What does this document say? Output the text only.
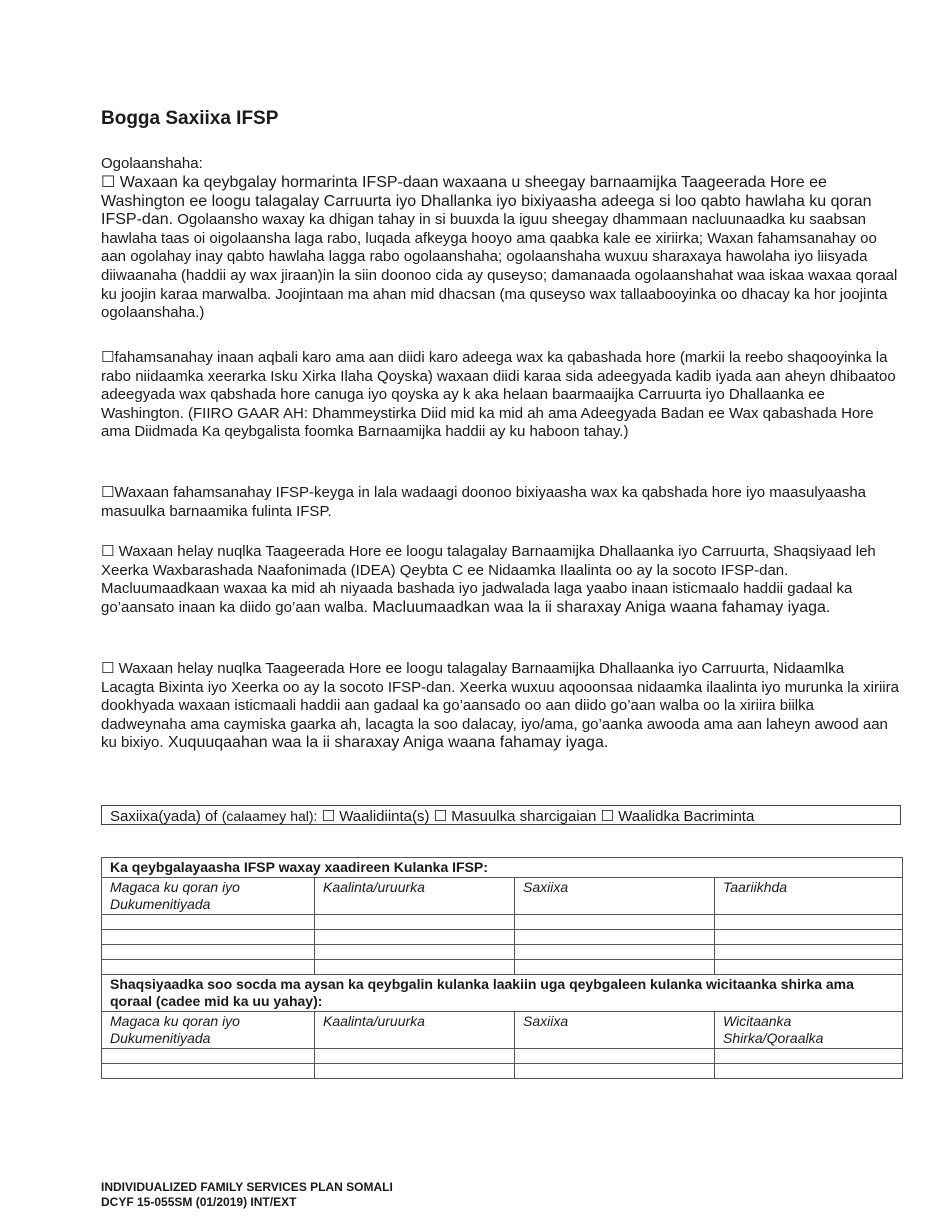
Bogga Saxiixa IFSP
Ogolaanshaha:
☐ Waxaan ka qeybgalay hormarinta IFSP-daan waxaana u sheegay barnaamijka Taageerada Hore ee Washington ee loogu talagalay Carruurta iyo Dhallanka iyo bixiyaasha adeega si loo qabto hawlaha ku qoran IFSP-dan. Ogolaansho waxay ka dhigan tahay in si buuxda la iguu sheegay dhammaan nacluunaadka ku saabsan hawlaha taas oi oigolaansha laga rabo, luqada afkeyga hooyo ama qaabka kale ee xiriirka; Waxan fahamsanahay oo aan ogolahay inay qabto hawlaha lagga rabo ogolaanshaha; ogolaanshaha wuxuu sharaxaya hawolaha iyo liisyada diiwaanaha (haddii ay wax jiraan)in la siin doonoo cida ay quseyso; damanaada ogolaanshahat waa iskaa waxaa qoraal ku joojin karaa marwalba. Joojintaan ma ahan mid dhacsan (ma quseyso wax tallaabooyinka oo dhacay ka hor joojinta ogolaanshaha.)
☐fahamsanahay inaan aqbali karo ama aan diidi karo adeega wax ka qabashada hore (markii la reebo shaqooyinka la rabo niidaamka xeerarka Isku Xirka Ilaha Qoyska) waxaan diidi karaa sida adeegyada kadib iyada aan aheyn dhibaatoo adeegyada wax qabshada hore canuga iyo qoyska ay k aka helaan baarmaaijka Carruurta iyo Dhallaanka ee Washington. (FIIRO GAAR AH: Dhammeystirka Diid mid ka mid ah ama Adeegyada Badan ee Wax qabashada Hore ama Diidmada Ka qeybgalista foomka Barnaamijka haddii ay ku haboon tahay.)
☐Waxaan fahamsanahay IFSP-keyga in lala wadaagi doonoo bixiyaasha wax ka qabshada hore iyo maasulyaasha masuulka barnaamika fulinta IFSP.
☐ Waxaan helay nuqlka Taageerada Hore ee loogu talagalay Barnaamijka Dhallaanka iyo Carruurta, Shaqsiyaad leh Xeerka Waxbarashada Naafonimada (IDEA) Qeybta C ee Nidaamka Ilaalinta oo ay la socoto IFSP-dan. Macluumaadkaan waxaa ka mid ah niyaada bashada iyo jadwalada laga yaabo inaan isticmaalo haddii gadaal ka go’aansato inaan ka diido go’aan walba. Macluumaadkan waa la ii sharaxay Aniga waana fahamay iyaga.
☐ Waxaan helay nuqlka Taageerada Hore ee loogu talagalay Barnaamijka Dhallaanka iyo Carruurta, Nidaamlka Lacagta Bixinta iyo Xeerka oo ay la socoto IFSP-dan. Xeerka wuxuu aqooonsaa nidaamka ilaalinta iyo murunka la xiriira dookhyada waxaan isticmaali haddii aan gadaal ka go’aansado oo aan diido go’aan walba oo la xiriira biilka dadweynaha ama caymiska gaarka ah, lacagta la soo dalacay, iyo/ama, go’aanka awooda ama aan laheyn awood aan ku bixiyo. Xuquuqaahan waa la ii sharaxay Aniga waana fahamay iyaga.
Saxiixa(yada) of (calaamey hal): ☐ Waalidiinta(s) ☐ Masuulka sharcigaian ☐ Waalidka Bacriminta
Ka qeybgalayaasha IFSP waxay xaadireen Kulanka IFSP:			
Magaca ku qoran iyo Dukumenitiyada	Kaalinta/uruurka	Saxiixa	Taariikhda

Shaqsiyaadka soo socda ma aysan ka qeybgalin kulanka laakiin uga qeybgaleen kulanka wicitaanka shirka ama qoraal (cadee mid ka uu yahay):			
Magaca ku qoran iyo Dukumenitiyada	Kaalinta/uruurka	Saxiixa	Wicitaanka Shirka/Qoraalka

INDIVIDUALIZED FAMILY SERVICES PLAN SOMALI
DCYF 15-055SM (01/2019) INT/EXT
